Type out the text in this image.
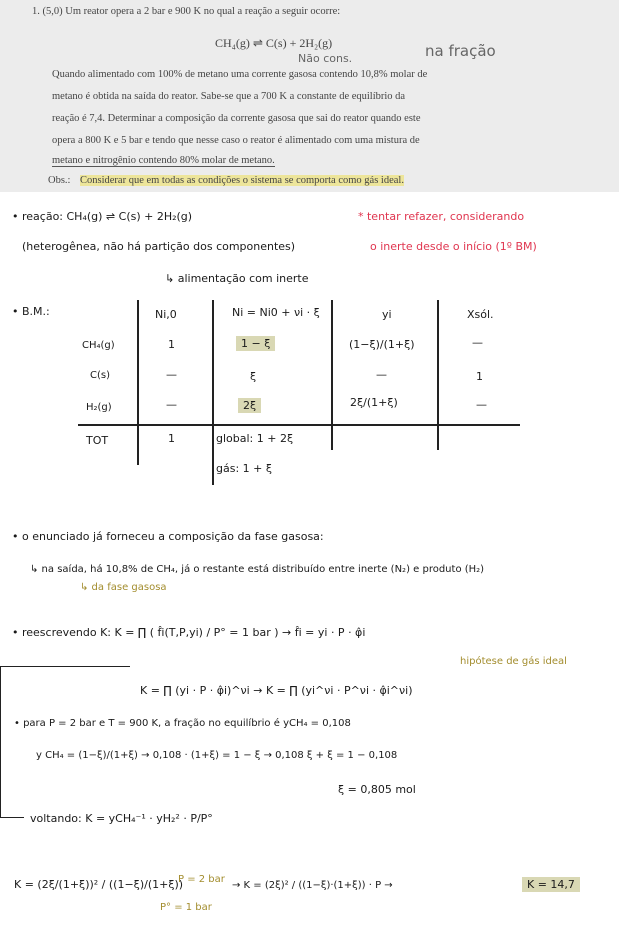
1. (5,0) Um reator opera a 2 bar e 900 K no qual a reação a seguir ocorre:
CH₄(g) ⇌ C(s) + 2H₂(g)
Não cons.	na fração
Quando alimentado com 100% de metano uma corrente gasosa contendo 10,8% molar de
metano é obtida na saída do reator. Sabe-se que a 700 K a constante de equilíbrio da
reação é 7,4. Determinar a composição da corrente gasosa que sai do reator quando este
opera a 800 K e 5 bar e tendo que nesse caso o reator é alimentado com uma mistura de
metano e nitrogênio contendo 80% molar de metano.
Obs.: Considerar que em todas as condições o sistema se comporta como gás ideal.
• reação: CH₄(g) ⇌ C(s) + 2H₂(g)
(heterogênea, não há partição dos componentes)
* tentar refazer, considerando
o inerte desde o início (1º BM)
↳ alimentação com inerte
• B.M.:	Ni,0	Ni = Ni0 + νi · ξ	yi	Xsól.
CH₄(g)	1	1 − ξ	(1−ξ)/(1+ξ)	—
C(s)	—	ξ	—	1
H₂(g)	—	2ξ	2ξ/(1+ξ)	—
TOT	1	global: 1 + 2ξ
gás: 1 + ξ
• o enunciado já forneceu a composição da fase gasosa:
↳ na saída, há 10,8% de CH₄, já o restante está distribuído entre inerte (N₂) e produto (H₂)
↳ da fase gasosa
• reescrevendo K: K = ∏ ( f̂i(T,P,yi) / P° = 1 bar ) → f̂i = yi · P · φ̂i
hipótese de gás ideal
K = ∏ (yi · P · φ̂i)^νi → K = ∏ (yi^νi · P^νi · φ̂i^νi)
• para P = 2 bar e T = 900 K, a fração no equilíbrio é yCH₄ = 0,108
y CH₄ = (1−ξ)/(1+ξ) → 0,108 · (1+ξ) = 1 − ξ → 0,108 ξ + ξ = 1 − 0,108
ξ = 0,805 mol
voltando: K = yCH₄⁻¹ · yH₂² · P/P°
K = (2ξ/(1+ξ))² / ((1−ξ)/(1+ξ))
P = 2 bar
P° = 1 bar
→ K = (2ξ)² / ((1−ξ)·(1+ξ)) · P →	K = 14,7
